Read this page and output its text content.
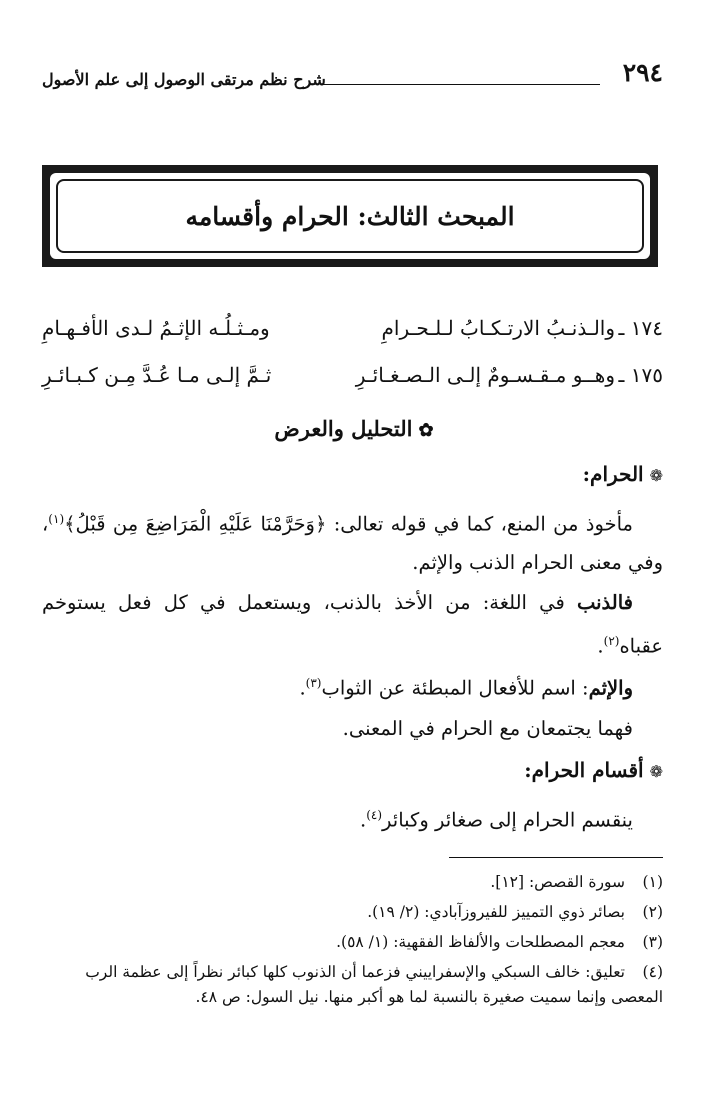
٢٩٤
شرح نظم مرتقى الوصول إلى علم الأصول
المبحث الثالث: الحرام وأقسامه
١٧٤ ـ
والـذنـبُ الارتـكـابُ لـلـحـرامِ
ومـثـلُـه الإثـمُ لـدى الأفـهـامِ
١٧٥ ـ
وهــو مـقـسـومٌ إلـى الـصـغـائـرِ
ثـمَّ إلـى مـا عُـدَّ مِـن كـبـائـرِ
✿التحليل والعرض
❁الحرام:
مأخوذ من المنع، كما في قوله تعالى: ﴿وَحَرَّمْنَا عَلَيْهِ الْمَرَاضِعَ مِن قَبْلُ﴾$^{(١)}$، وفي معنى الحرام الذنب والإثم.
فالذنب في اللغة: من الأخذ بالذنب، ويستعمل في كل فعل يستوخم عقباه$^{(٢)}$.
والإثم: اسم للأفعال المبطئة عن الثواب$^{(٣)}$.
فهما يجتمعان مع الحرام في المعنى.
❁أقسام الحرام:
ينقسم الحرام إلى صغائر وكبائر$^{(٤)}$.
(١)سورة القصص: [١٢].
(٢)بصائر ذوي التمييز للفيروزآبادي: (٢/ ١٩).
(٣)معجم المصطلحات والألفاظ الفقهية: (١/ ٥٨).
(٤)تعليق: خالف السبكي والإسفراييني فزعما أن الذنوب كلها كبائر نظراً إلى عظمة الرب المعصى وإنما سميت صغيرة بالنسبة لما هو أكبر منها. نيل السول: ص ٤٨.
